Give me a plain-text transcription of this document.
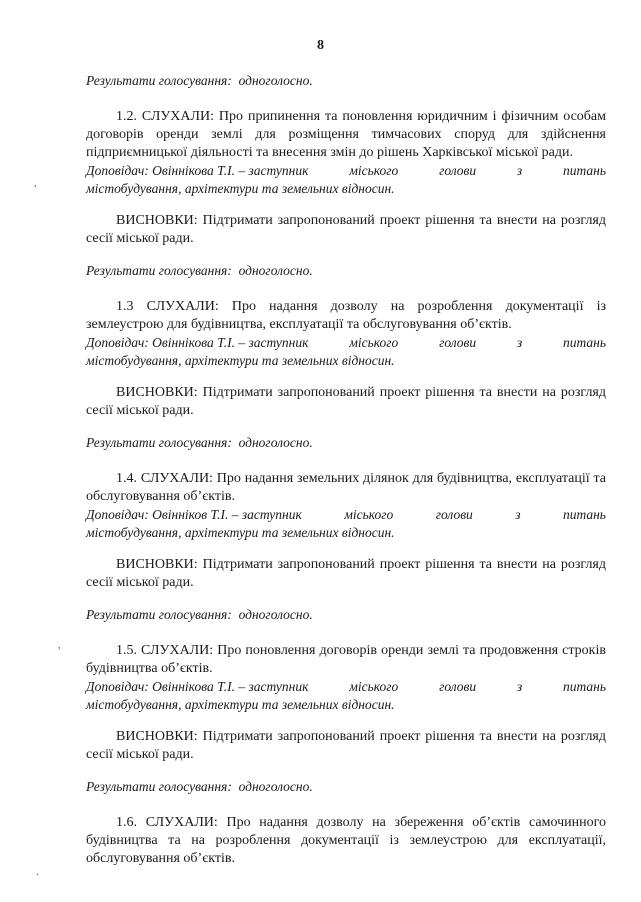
8

Результати голосування: одноголосно.

1.2. СЛУХАЛИ: Про припинення та поновлення юридичним і фізичним особам договорів оренди землі для розміщення тимчасових споруд для здійснення підприємницької діяльності та внесення змін до рішень Харківської міської ради.

Доповідач: Овіннікова Т.І. – заступник	міського	голови	з	питань
містобудування, архітектури та земельних відносин.

ВИСНОВКИ: Підтримати запропонований проект рішення та внести на розгляд сесії міської ради.

Результати голосування: одноголосно.

1.3 СЛУХАЛИ: Про надання дозволу на розроблення документації із землеустрою для будівництва, експлуатації та обслуговування об’єктів.

Доповідач: Овіннікова Т.І. – заступник	міського	голови	з	питань
містобудування, архітектури та земельних відносин.

ВИСНОВКИ: Підтримати запропонований проект рішення та внести на розгляд сесії міської ради.

Результати голосування: одноголосно.

1.4. СЛУХАЛИ: Про надання земельних ділянок для будівництва, експлуатації та обслуговування об’єктів.

Доповідач: Овінніков Т.І. – заступник	міського	голови	з	питань
містобудування, архітектури та земельних відносин.

ВИСНОВКИ: Підтримати запропонований проект рішення та внести на розгляд сесії міської ради.

Результати голосування: одноголосно.

1.5. СЛУХАЛИ: Про поновлення договорів оренди землі та продовження строків будівництва об’єктів.

Доповідач: Овіннікова Т.І. – заступник	міського	голови	з	питань
містобудування, архітектури та земельних відносин.

ВИСНОВКИ: Підтримати запропонований проект рішення та внести на розгляд сесії міської ради.

Результати голосування: одноголосно.

1.6. СЛУХАЛИ: Про надання дозволу на збереження об’єктів самочинного будівництва та на розроблення документації із землеустрою для експлуатації, обслуговування об’єктів.

,
,
·
